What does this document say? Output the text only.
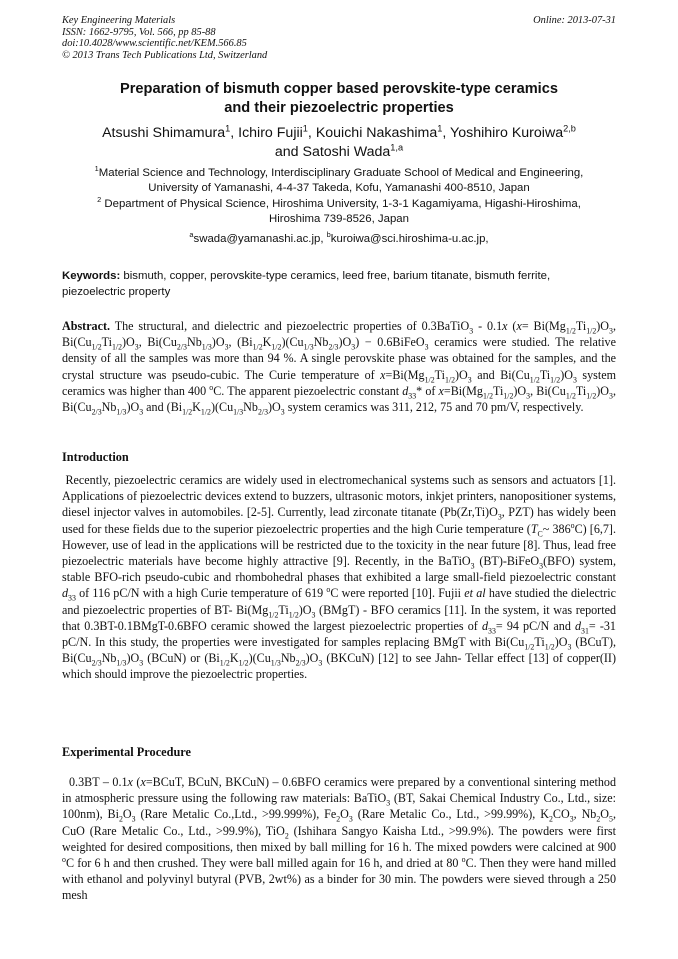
Key Engineering Materials
ISSN: 1662-9795, Vol. 566, pp 85-88
doi:10.4028/www.scientific.net/KEM.566.85
© 2013 Trans Tech Publications Ltd, Switzerland
Online: 2013-07-31
Preparation of bismuth copper based perovskite-type ceramics
and their piezoelectric properties
Atsushi Shimamura$^1$, Ichiro Fujii$^1$, Kouichi Nakashima$^1$, Yoshihiro Kuroiwa$^{2,b}$
and Satoshi Wada$^{1,a}$
$^1$Material Science and Technology, Interdisciplinary Graduate School of Medical and Engineering,
University of Yamanashi, 4-4-37 Takeda, Kofu, Yamanashi 400-8510, Japan
$^2$ Department of Physical Science, Hiroshima University, 1-3-1 Kagamiyama, Higashi-Hiroshima,
Hiroshima 739-8526, Japan
$^a$swada@yamanashi.ac.jp, $^b$kuroiwa@sci.hiroshima-u.ac.jp,
Keywords: bismuth, copper, perovskite-type ceramics, leed free, barium titanate, bismuth ferrite, piezoelectric property
Abstract. The structural, and dielectric and piezoelectric properties of 0.3BaTiO$_3$ - 0.1x ($x= Bi(Mg_{1/2}Ti_{1/2})O_3$, $Bi(Cu_{1/2}Ti_{1/2})O_3$, $Bi(Cu_{2/3}Nb_{1/3})O_3$, $(Bi_{1/2}K_{1/2})(Cu_{1/3}Nb_{2/3})O_3$) − 0.6BiFeO$_3$ ceramics were studied. The relative density of all the samples was more than 94 %. A single perovskite phase was obtained for the samples, and the crystal structure was pseudo-cubic. The Curie temperature of $x=Bi(Mg_{1/2}Ti_{1/2})O_3$ and $Bi(Cu_{1/2}Ti_{1/2})O_3$ system ceramics was higher than 400 $^o$C. The apparent piezoelectric constant $d_{33}*$ of $x=Bi(Mg_{1/2}Ti_{1/2})O_3$, $Bi(Cu_{1/2}Ti_{1/2})O_3$, $Bi(Cu_{2/3}Nb_{1/3})O_3$ and $(Bi_{1/2}K_{1/2})(Cu_{1/3}Nb_{2/3})O_3$ system ceramics was 311, 212, 75 and 70 pm/V, respectively.
Introduction
Recently, piezoelectric ceramics are widely used in electromechanical systems such as sensors and actuators [1]. Applications of piezoelectric devices extend to buzzers, ultrasonic motors, inkjet printers, nanopositioner systems, diesel injector valves in automobiles. [2-5]. Currently, lead zirconate titanate ($Pb(Zr,Ti)O_3$, PZT) has widely been used for these fields due to the superior piezoelectric properties and the high Curie temperature ($T_C\sim$ 386$^o$C) [6,7]. However, use of lead in the applications will be restricted due to the toxicity in the near future [8]. Thus, lead free piezoelectric materials have become highly attractive [9]. Recently, in the BaTiO$_3$ (BT)-BiFeO$_3$(BFO) system, stable BFO-rich pseudo-cubic and rhombohedral phases that exhibited a large small-field piezoelectric constant $d_{33}$ of 116 pC/N with a high Curie temperature of 619 $^o$C were reported [10]. Fujii et al have studied the dielectric and piezoelectric properties of BT- $Bi(Mg_{1/2}Ti_{1/2})O_3$ (BMgT) - BFO ceramics [11]. In the system, it was reported that 0.3BT-0.1BMgT-0.6BFO ceramic showed the largest piezoelectric properties of $d_{33}= 94$ pC/N and $d_{31}= -31$ pC/N. In this study, the properties were investigated for samples replacing BMgT with $Bi(Cu_{1/2}Ti_{1/2})O_3$ (BCuT), $Bi(Cu_{2/3}Nb_{1/3})O_3$ (BCuN) or $(Bi_{1/2}K_{1/2})(Cu_{1/3}Nb_{2/3})O_3$ (BKCuN) [12] to see Jahn- Tellar effect [13] of copper(II) which should improve the piezoelectric properties.
Experimental Procedure
0.3BT – 0.1x (x=BCuT, BCuN, BKCuN) – 0.6BFO ceramics were prepared by a conventional sintering method in atmospheric pressure using the following raw materials: BaTiO$_3$ (BT, Sakai Chemical Industry Co., Ltd., size: 100nm), $Bi_2O_3$ (Rare Metalic Co.,Ltd., >99.999%), $Fe_2O_3$ (Rare Metalic Co., Ltd., >99.99%), $K_2CO_3$, $Nb_2O_5$, CuO (Rare Metalic Co., Ltd., >99.9%), TiO$_2$ (Ishihara Sangyo Kaisha Ltd., >99.9%). The powders were first weighted for desired compositions, then mixed by ball milling for 16 h. The mixed powders were calcined at 900 $^o$C for 6 h and then crushed. They were ball milled again for 16 h, and dried at 80 $^o$C. Then they were hand milled with ethanol and polyvinyl butyral (PVB, 2wt%) as a binder for 30 min. The powders were sieved through a 250 mesh
